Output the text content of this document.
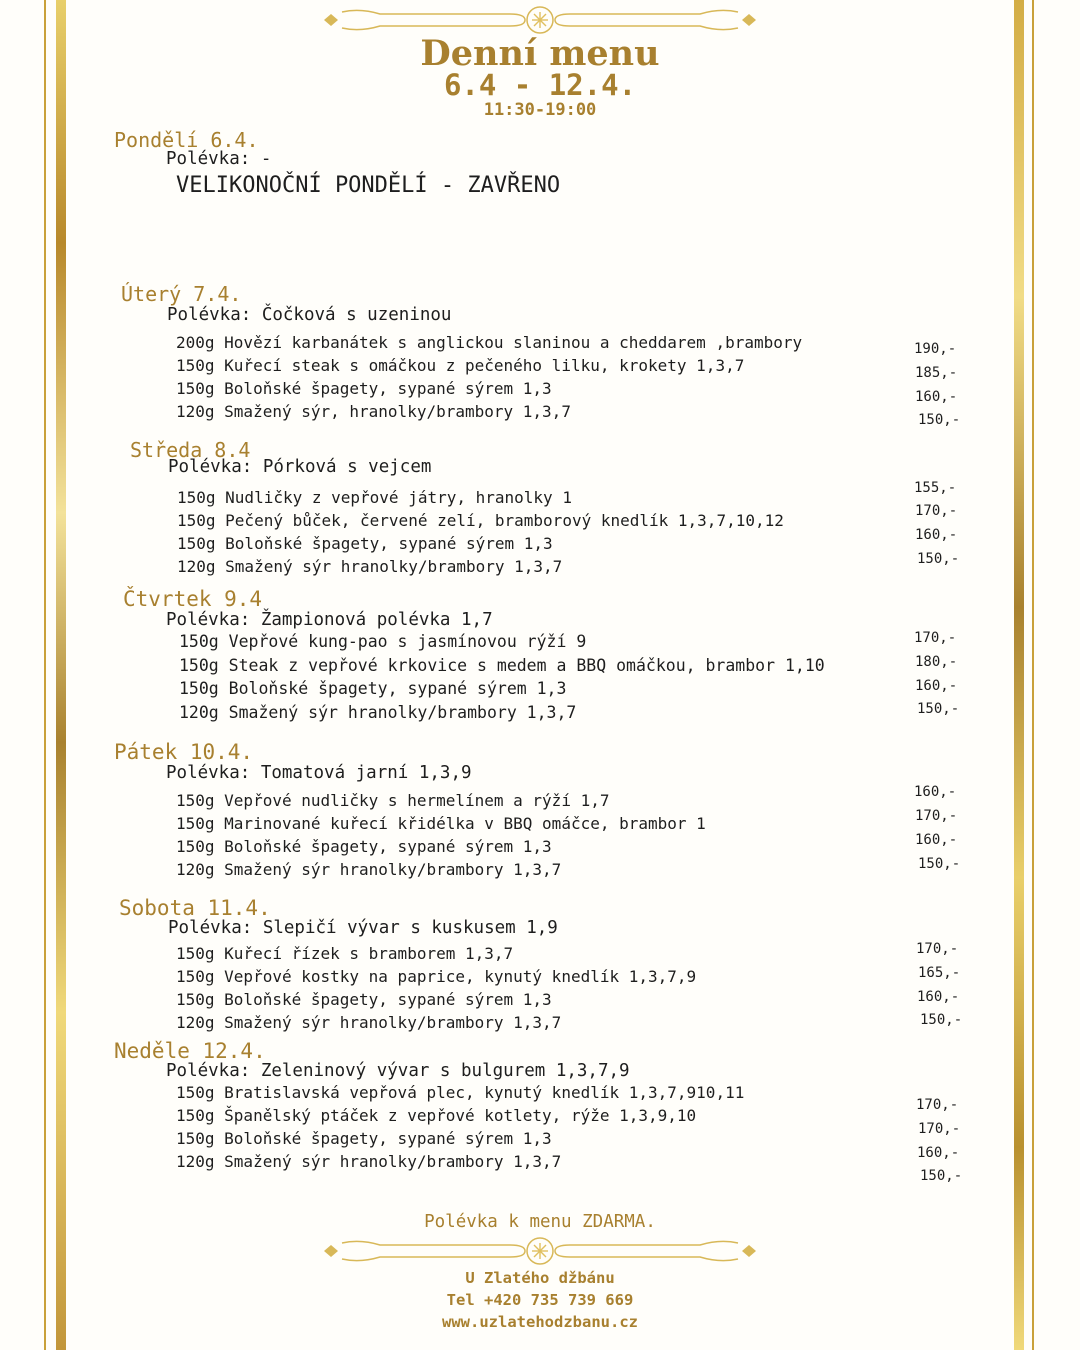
Denní menu
6.4 - 12.4.
11:30-19:00
Pondělí 6.4.
Polévka: -
VELIKONOČNÍ PONDĚLÍ - ZAVŘENO
Úterý 7.4.
Polévka: Čočková s uzeninou
200g Hovězí karbanátek s anglickou slaninou a cheddarem ,brambory
150g Kuřecí steak s omáčkou z pečeného lilku, krokety 1,3,7
150g Boloňské špagety, sypané sýrem 1,3
120g Smažený sýr, hranolky/brambory 1,3,7
190,-
185,-
160,-
150,-
Středa 8.4
Polévka: Pórková s vejcem
150g Nudličky z vepřové játry, hranolky 1
150g Pečený bůček, červené zelí, bramborový knedlík 1,3,7,10,12
150g Boloňské špagety, sypané sýrem 1,3
120g Smažený sýr hranolky/brambory 1,3,7
155,-
170,-
160,-
150,-
Čtvrtek 9.4
Polévka: Žampionová polévka 1,7
150g Vepřové kung-pao s jasmínovou rýží 9
150g Steak z vepřové krkovice s medem a BBQ omáčkou, brambor 1,10
150g Boloňské špagety, sypané sýrem 1,3
120g Smažený sýr hranolky/brambory 1,3,7
170,-
180,-
160,-
150,-
Pátek 10.4.
Polévka: Tomatová jarní 1,3,9
150g Vepřové nudličky s hermelínem a rýží 1,7
150g Marinované kuřecí křidélka v BBQ omáčce, brambor 1
150g Boloňské špagety, sypané sýrem 1,3
120g Smažený sýr hranolky/brambory 1,3,7
160,-
170,-
160,-
150,-
Sobota 11.4.
Polévka: Slepičí vývar s kuskusem 1,9
150g Kuřecí řízek s bramborem 1,3,7
150g Vepřové kostky na paprice, kynutý knedlík 1,3,7,9
150g Boloňské špagety, sypané sýrem 1,3
120g Smažený sýr hranolky/brambory 1,3,7
170,-
165,-
160,-
150,-
Neděle 12.4.
Polévka: Zeleninový vývar s bulgurem 1,3,7,9
150g Bratislavská vepřová plec, kynutý knedlík 1,3,7,910,11
150g Španělský ptáček z vepřové kotlety, rýže 1,3,9,10
150g Boloňské špagety, sypané sýrem 1,3
120g Smažený sýr hranolky/brambory 1,3,7
170,-
170,-
160,-
150,-
Polévka k menu ZDARMA.
U Zlatého džbánu
Tel +420 735 739 669
www.uzlatehodzbanu.cz
